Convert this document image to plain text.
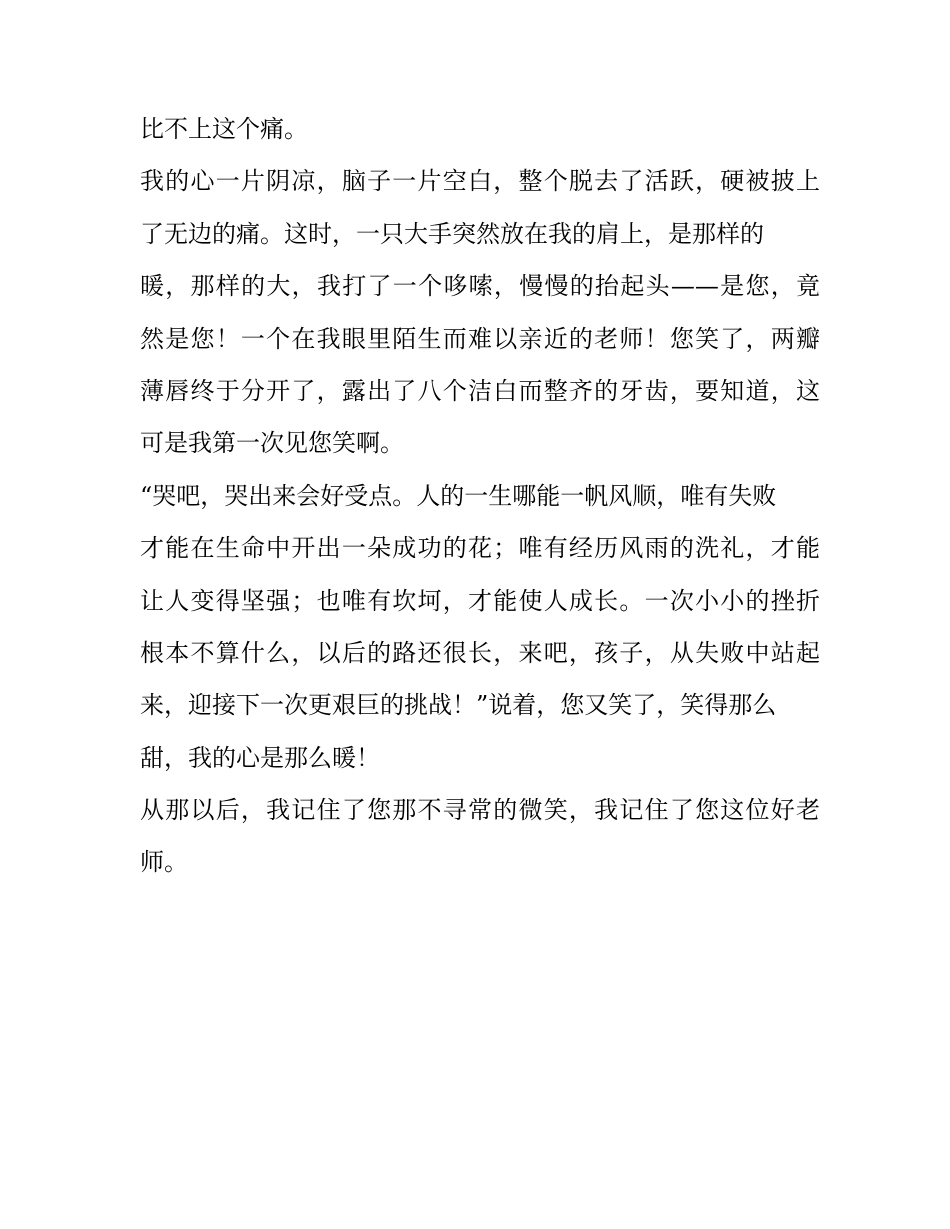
比不上这个痛。
我的心一片阴凉，脑子一片空白，整个脱去了活跃，硬被披上
了无边的痛。这时，一只大手突然放在我的肩上，是那样的
暖，那样的大，我打了一个哆嗦，慢慢的抬起头——是您，竟
然是您！一个在我眼里陌生而难以亲近的老师！您笑了，两瓣
薄唇终于分开了，露出了八个洁白而整齐的牙齿，要知道，这
可是我第一次见您笑啊。
“哭吧，哭出来会好受点。人的一生哪能一帆风顺，唯有失败
才能在生命中开出一朵成功的花；唯有经历风雨的洗礼，才能
让人变得坚强；也唯有坎坷，才能使人成长。一次小小的挫折
根本不算什么，以后的路还很长，来吧，孩子，从失败中站起
来，迎接下一次更艰巨的挑战！”说着，您又笑了，笑得那么
甜，我的心是那么暖！
从那以后，我记住了您那不寻常的微笑，我记住了您这位好老
师。
